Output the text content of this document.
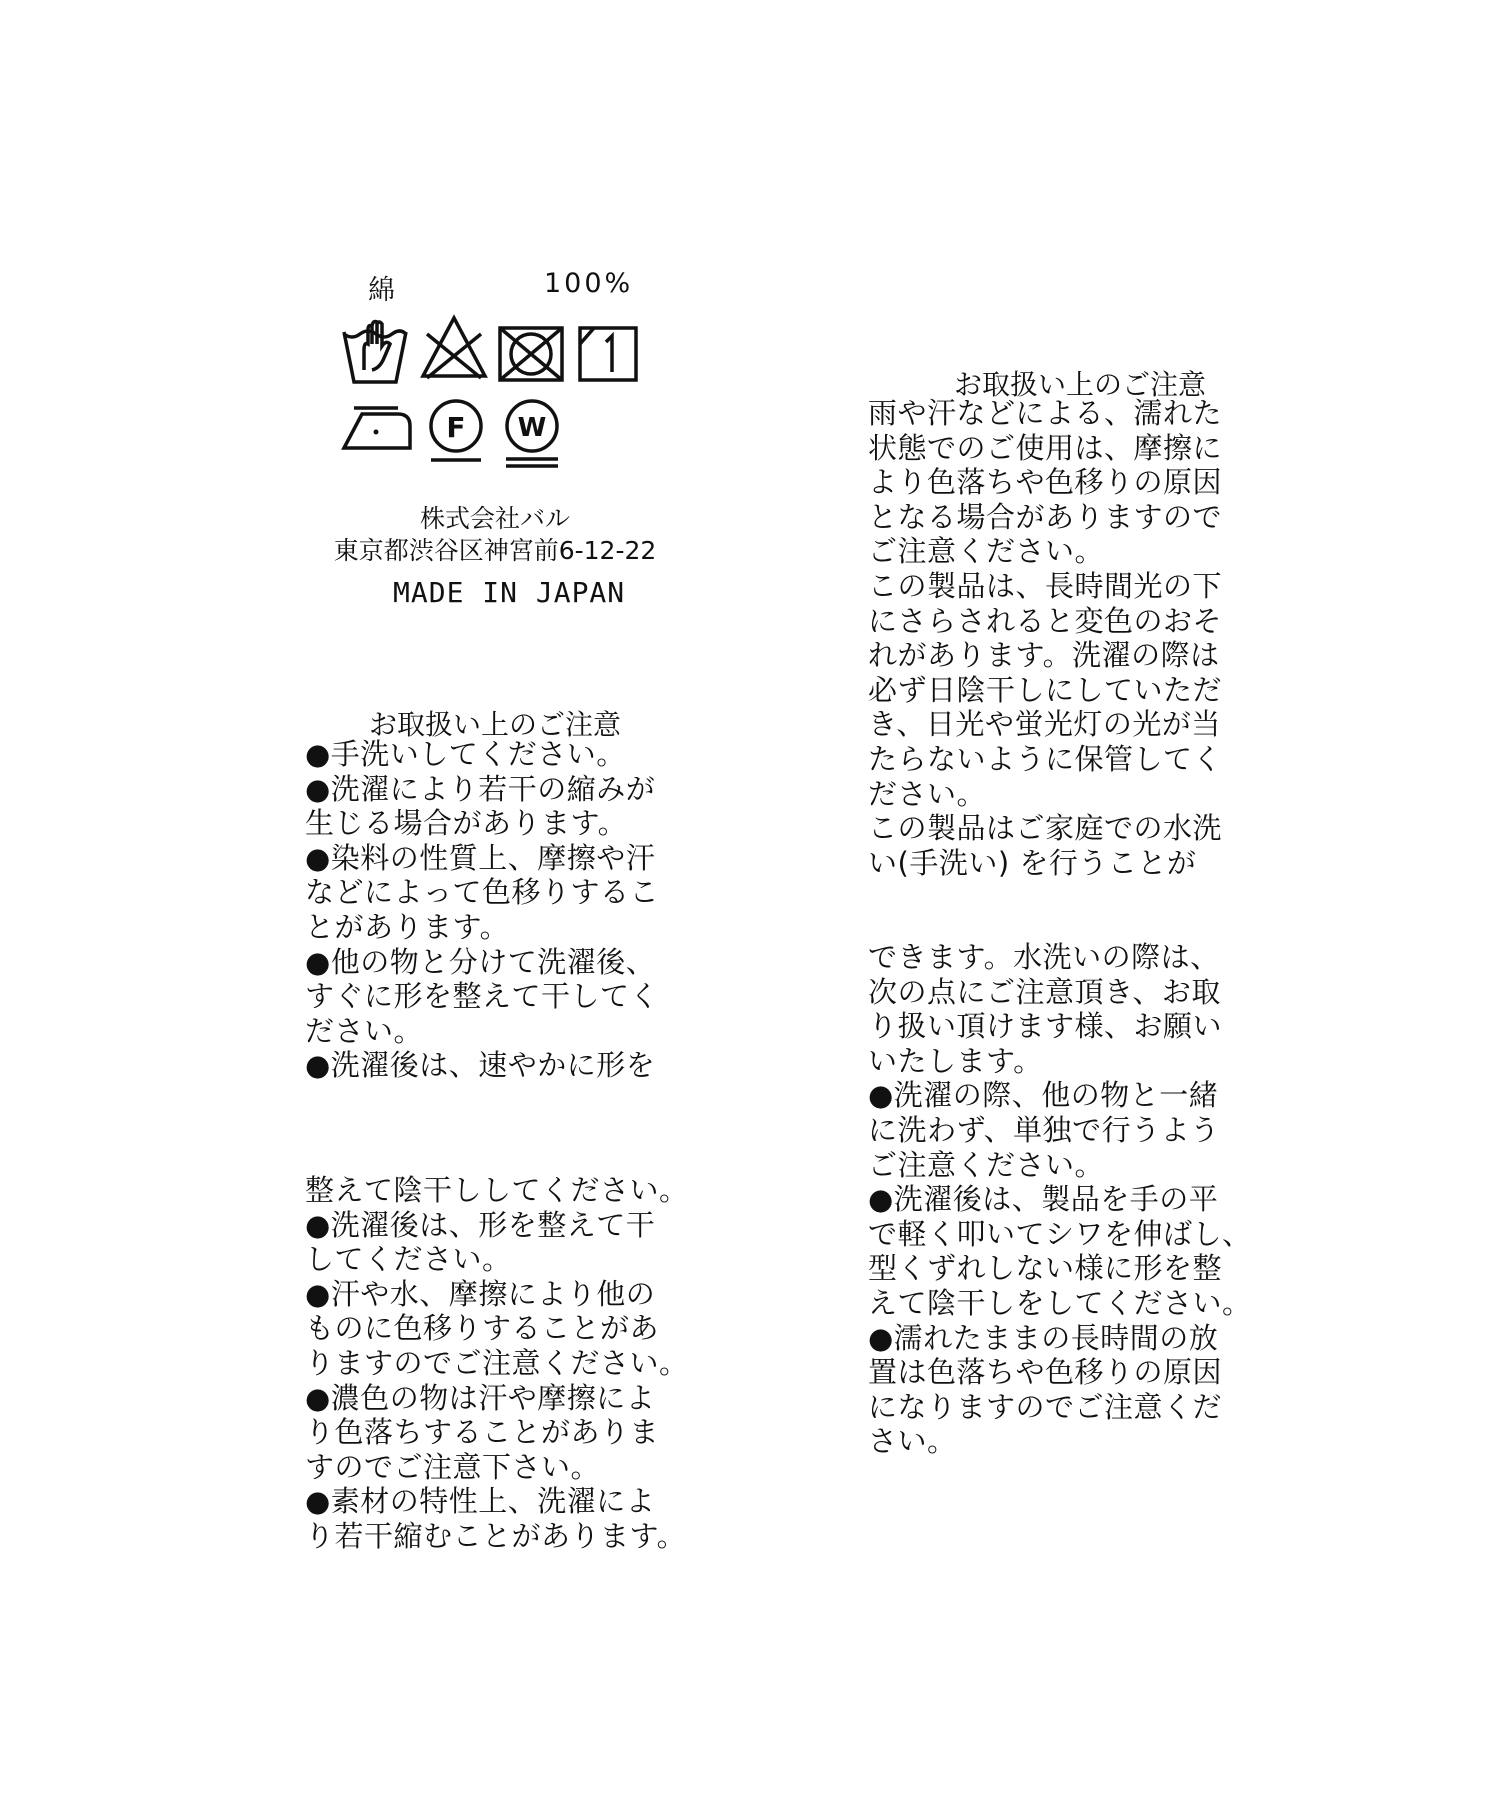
綿	100%
F W
株式会社バル
東京都渋谷区神宮前6-12-22
MADE IN JAPAN
お取扱い上のご注意
●手洗いしてください。
●洗濯により若干の縮みが
生じる場合があります。
●染料の性質上、摩擦や汗
などによって色移りするこ
とがあります。
●他の物と分けて洗濯後、
すぐに形を整えて干してく
ださい。
●洗濯後は、速やかに形を
整えて陰干ししてください。
●洗濯後は、形を整えて干
してください。
●汗や水、摩擦により他の
ものに色移りすることがあ
りますのでご注意ください。
●濃色の物は汗や摩擦によ
り色落ちすることがありま
すのでご注意下さい。
●素材の特性上、洗濯によ
り若干縮むことがあります。
お取扱い上のご注意
雨や汗などによる、濡れた
状態でのご使用は、摩擦に
より色落ちや色移りの原因
となる場合がありますので
ご注意ください。
この製品は、長時間光の下
にさらされると変色のおそ
れがあります。洗濯の際は
必ず日陰干しにしていただ
き、日光や蛍光灯の光が当
たらないように保管してく
ださい。
この製品はご家庭での水洗
い(手洗い) を行うことが
できます。水洗いの際は、
次の点にご注意頂き、お取
り扱い頂けます様、お願い
いたします。
●洗濯の際、他の物と一緒
に洗わず、単独で行うよう
ご注意ください。
●洗濯後は、製品を手の平
で軽く叩いてシワを伸ばし、
型くずれしない様に形を整
えて陰干しをしてください。
●濡れたままの長時間の放
置は色落ちや色移りの原因
になりますのでご注意くだ
さい。
